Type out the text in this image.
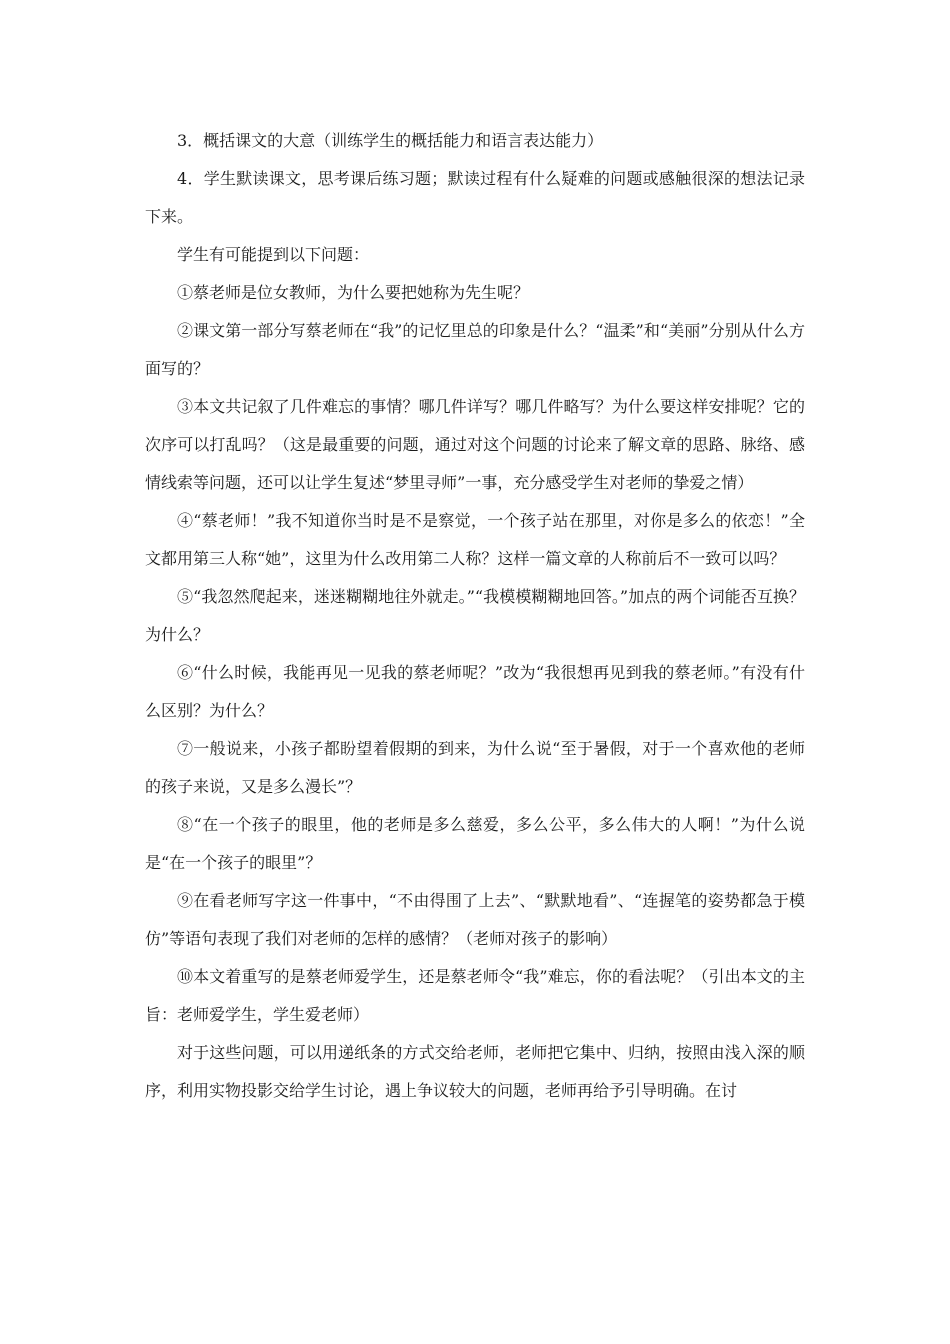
3．概括课文的大意（训练学生的概括能力和语言表达能力）

4．学生默读课文，思考课后练习题；默读过程有什么疑难的问题或感触很深的想法记录下来。

学生有可能提到以下问题：

①蔡老师是位女教师，为什么要把她称为先生呢？

②课文第一部分写蔡老师在“我”的记忆里总的印象是什么？“温柔”和“美丽”分别从什么方面写的？

③本文共记叙了几件难忘的事情？哪几件详写？哪几件略写？为什么要这样安排呢？它的次序可以打乱吗？（这是最重要的问题，通过对这个问题的讨论来了解文章的思路、脉络、感情线索等问题，还可以让学生复述“梦里寻师”一事，充分感受学生对老师的挚爱之情）

④“蔡老师！”我不知道你当时是不是察觉，一个孩子站在那里，对你是多么的依恋！”全文都用第三人称“她”，这里为什么改用第二人称？这样一篇文章的人称前后不一致可以吗？

⑤“我忽然爬起来，迷迷糊糊地往外就走。”“我模模糊糊地回答。”加点的两个词能否互换？为什么？

⑥“什么时候，我能再见一见我的蔡老师呢？”改为“我很想再见到我的蔡老师。”有没有什么区别？为什么？

⑦一般说来，小孩子都盼望着假期的到来，为什么说“至于暑假，对于一个喜欢他的老师的孩子来说，又是多么漫长”？

⑧“在一个孩子的眼里，他的老师是多么慈爱，多么公平，多么伟大的人啊！”为什么说是“在一个孩子的眼里”？

⑨在看老师写字这一件事中，“不由得围了上去”、“默默地看”、“连握笔的姿势都急于模仿”等语句表现了我们对老师的怎样的感情？（老师对孩子的影响）

⑩本文着重写的是蔡老师爱学生，还是蔡老师令“我”难忘，你的看法呢？（引出本文的主旨：老师爱学生，学生爱老师）

对于这些问题，可以用递纸条的方式交给老师，老师把它集中、归纳，按照由浅入深的顺序，利用实物投影交给学生讨论，遇上争议较大的问题，老师再给予引导明确。在讨
